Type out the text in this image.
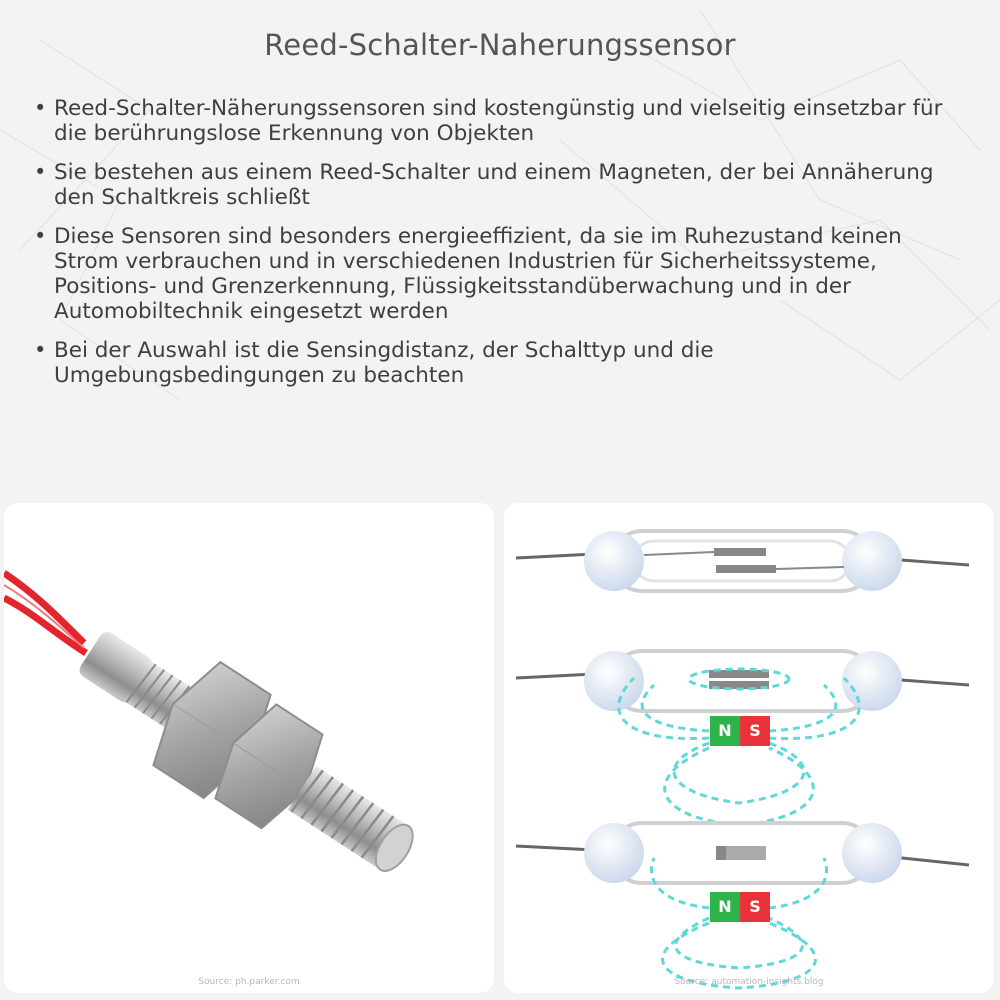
Reed-Schalter-Naherungssensor
• Reed-Schalter-Näherungssensoren sind kostengünstig und vielseitig einsetzbar für die berührungslose Erkennung von Objekten
• Sie bestehen aus einem Reed-Schalter und einem Magneten, der bei Annäherung den Schaltkreis schließt
• Diese Sensoren sind besonders energieeffizient, da sie im Ruhezustand keinen Strom verbrauchen und in verschiedenen Industrien für Sicherheitssysteme, Positions- und Grenzerkennung, Flüssigkeitsstandüberwachung und in der Automobiltechnik eingesetzt werden
• Bei der Auswahl ist die Sensingdistanz, der Schalttyp und die Umgebungsbedingungen zu beachten
Source: ph.parker.com
N	S
N	S
Source: automation-insights.blog
